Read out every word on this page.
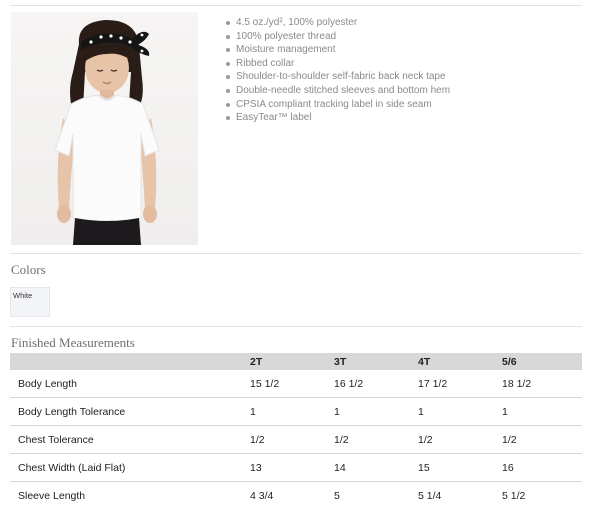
4.5 oz./yd², 100% polyester
100% polyester thread
Moisture management
Ribbed collar
Shoulder-to-shoulder self-fabric back neck tape
Double-needle stitched sleeves and bottom hem
CPSIA compliant tracking label in side seam
EasyTear™ label
Colors
White
Finished Measurements
	2T	3T	4T	5/6
Body Length	15 1/2	16 1/2	17 1/2	18 1/2
Body Length Tolerance	1	1	1	1
Chest Tolerance	1/2	1/2	1/2	1/2
Chest Width (Laid Flat)	13	14	15	16
Sleeve Length	4 3/4	5	5 1/4	5 1/2
